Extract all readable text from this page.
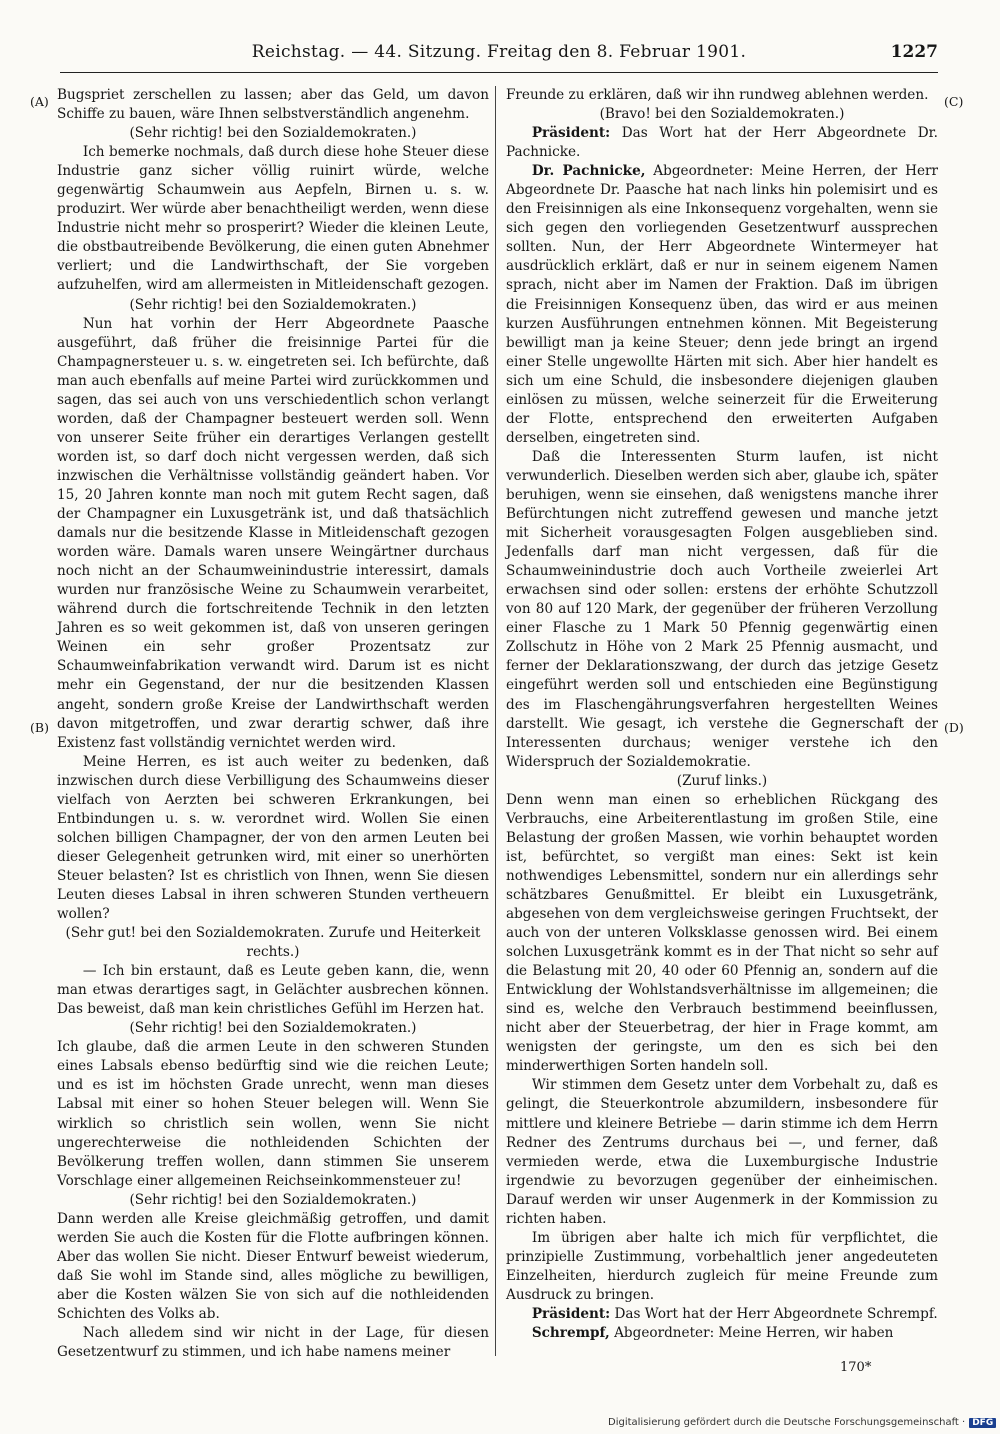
Reichstag. — 44. Sitzung. Freitag den 8. Februar 1901.	1227
(A)
(B)
(C)
(D)

Bugspriet zerschellen zu lassen; aber das Geld, um davon Schiffe zu bauen, wäre Ihnen selbstverständlich angenehm.

(Sehr richtig! bei den Sozialdemokraten.)

Ich bemerke nochmals, daß durch diese hohe Steuer diese Industrie ganz sicher völlig ruinirt würde, welche gegenwärtig Schaumwein aus Aepfeln, Birnen u. s. w. produzirt. Wer würde aber benachtheiligt werden, wenn diese Industrie nicht mehr so prosperirt? Wieder die kleinen Leute, die obstbautreibende Bevölkerung, die einen guten Abnehmer verliert; und die Landwirthschaft, der Sie vorgeben aufzuhelfen, wird am allermeisten in Mitleidenschaft gezogen.

(Sehr richtig! bei den Sozialdemokraten.)

Nun hat vorhin der Herr Abgeordnete Paasche ausgeführt, daß früher die freisinnige Partei für die Champagnersteuer u. s. w. eingetreten sei. Ich befürchte, daß man auch ebenfalls auf meine Partei wird zurückkommen und sagen, das sei auch von uns verschiedentlich schon verlangt worden, daß der Champagner besteuert werden soll. Wenn von unserer Seite früher ein derartiges Verlangen gestellt worden ist, so darf doch nicht vergessen werden, daß sich inzwischen die Verhältnisse vollständig geändert haben. Vor 15, 20 Jahren konnte man noch mit gutem Recht sagen, daß der Champagner ein Luxusgetränk ist, und daß thatsächlich damals nur die besitzende Klasse in Mitleidenschaft gezogen worden wäre. Damals waren unsere Weingärtner durchaus noch nicht an der Schaumweinindustrie interessirt, damals wurden nur französische Weine zu Schaumwein verarbeitet, während durch die fortschreitende Technik in den letzten Jahren es so weit gekommen ist, daß von unseren geringen Weinen ein sehr großer Prozentsatz zur Schaumweinfabrikation verwandt wird. Darum ist es nicht mehr ein Gegenstand, der nur die besitzenden Klassen angeht, sondern große Kreise der Landwirthschaft werden davon mitgetroffen, und zwar derartig schwer, daß ihre Existenz fast vollständig vernichtet werden wird.

Meine Herren, es ist auch weiter zu bedenken, daß inzwischen durch diese Verbilligung des Schaumweins dieser vielfach von Aerzten bei schweren Erkrankungen, bei Entbindungen u. s. w. verordnet wird. Wollen Sie einen solchen billigen Champagner, der von den armen Leuten bei dieser Gelegenheit getrunken wird, mit einer so unerhörten Steuer belasten? Ist es christlich von Ihnen, wenn Sie diesen Leuten dieses Labsal in ihren schweren Stunden vertheuern wollen?

(Sehr gut! bei den Sozialdemokraten. Zurufe und Heiterkeit rechts.)

— Ich bin erstaunt, daß es Leute geben kann, die, wenn man etwas derartiges sagt, in Gelächter ausbrechen können. Das beweist, daß man kein christliches Gefühl im Herzen hat.

(Sehr richtig! bei den Sozialdemokraten.)

Ich glaube, daß die armen Leute in den schweren Stunden eines Labsals ebenso bedürftig sind wie die reichen Leute; und es ist im höchsten Grade unrecht, wenn man dieses Labsal mit einer so hohen Steuer belegen will. Wenn Sie wirklich so christlich sein wollen, wenn Sie nicht ungerechterweise die nothleidenden Schichten der Bevölkerung treffen wollen, dann stimmen Sie unserem Vorschlage einer allgemeinen Reichseinkommensteuer zu!

(Sehr richtig! bei den Sozialdemokraten.)

Dann werden alle Kreise gleichmäßig getroffen, und damit werden Sie auch die Kosten für die Flotte aufbringen können. Aber das wollen Sie nicht. Dieser Entwurf beweist wiederum, daß Sie wohl im Stande sind, alles mögliche zu bewilligen, aber die Kosten wälzen Sie von sich auf die nothleidenden Schichten des Volks ab.

Nach alledem sind wir nicht in der Lage, für diesen Gesetzentwurf zu stimmen, und ich habe namens meiner

Freunde zu erklären, daß wir ihn rundweg ablehnen werden.

(Bravo! bei den Sozialdemokraten.)

Präsident: Das Wort hat der Herr Abgeordnete Dr. Pachnicke.

Dr. Pachnicke, Abgeordneter: Meine Herren, der Herr Abgeordnete Dr. Paasche hat nach links hin polemisirt und es den Freisinnigen als eine Inkonsequenz vorgehalten, wenn sie sich gegen den vorliegenden Gesetzentwurf aussprechen sollten. Nun, der Herr Abgeordnete Wintermeyer hat ausdrücklich erklärt, daß er nur in seinem eigenem Namen sprach, nicht aber im Namen der Fraktion. Daß im übrigen die Freisinnigen Konsequenz üben, das wird er aus meinen kurzen Ausführungen entnehmen können. Mit Begeisterung bewilligt man ja keine Steuer; denn jede bringt an irgend einer Stelle ungewollte Härten mit sich. Aber hier handelt es sich um eine Schuld, die insbesondere diejenigen glauben einlösen zu müssen, welche seinerzeit für die Erweiterung der Flotte, entsprechend den erweiterten Aufgaben derselben, eingetreten sind.

Daß die Interessenten Sturm laufen, ist nicht verwunderlich. Dieselben werden sich aber, glaube ich, später beruhigen, wenn sie einsehen, daß wenigstens manche ihrer Befürchtungen nicht zutreffend gewesen und manche jetzt mit Sicherheit vorausgesagten Folgen ausgeblieben sind. Jedenfalls darf man nicht vergessen, daß für die Schaumweinindustrie doch auch Vortheile zweierlei Art erwachsen sind oder sollen: erstens der erhöhte Schutzzoll von 80 auf 120 Mark, der gegenüber der früheren Verzollung einer Flasche zu 1 Mark 50 Pfennig gegenwärtig einen Zollschutz in Höhe von 2 Mark 25 Pfennig ausmacht, und ferner der Deklarationszwang, der durch das jetzige Gesetz eingeführt werden soll und entschieden eine Begünstigung des im Flaschengährungsverfahren hergestellten Weines darstellt. Wie gesagt, ich verstehe die Gegnerschaft der Interessenten durchaus; weniger verstehe ich den Widerspruch der Sozialdemokratie.

(Zuruf links.)

Denn wenn man einen so erheblichen Rückgang des Verbrauchs, eine Arbeiterentlastung im großen Stile, eine Belastung der großen Massen, wie vorhin behauptet worden ist, befürchtet, so vergißt man eines: Sekt ist kein nothwendiges Lebensmittel, sondern nur ein allerdings sehr schätzbares Genußmittel. Er bleibt ein Luxusgetränk, abgesehen von dem vergleichsweise geringen Fruchtsekt, der auch von der unteren Volksklasse genossen wird. Bei einem solchen Luxusgetränk kommt es in der That nicht so sehr auf die Belastung mit 20, 40 oder 60 Pfennig an, sondern auf die Entwicklung der Wohlstandsverhältnisse im allgemeinen; die sind es, welche den Verbrauch bestimmend beeinflussen, nicht aber der Steuerbetrag, der hier in Frage kommt, am wenigsten der geringste, um den es sich bei den minderwerthigen Sorten handeln soll.

Wir stimmen dem Gesetz unter dem Vorbehalt zu, daß es gelingt, die Steuerkontrole abzumildern, insbesondere für mittlere und kleinere Betriebe — darin stimme ich dem Herrn Redner des Zentrums durchaus bei —, und ferner, daß vermieden werde, etwa die Luxemburgische Industrie irgendwie zu bevorzugen gegenüber der einheimischen. Darauf werden wir unser Augenmerk in der Kommission zu richten haben.

Im übrigen aber halte ich mich für verpflichtet, die prinzipielle Zustimmung, vorbehaltlich jener angedeuteten Einzelheiten, hierdurch zugleich für meine Freunde zum Ausdruck zu bringen.

Präsident: Das Wort hat der Herr Abgeordnete Schrempf.

Schrempf, Abgeordneter: Meine Herren, wir haben

170*
Digitalisierung gefördert durch die Deutsche Forschungsgemeinschaft · DFG
